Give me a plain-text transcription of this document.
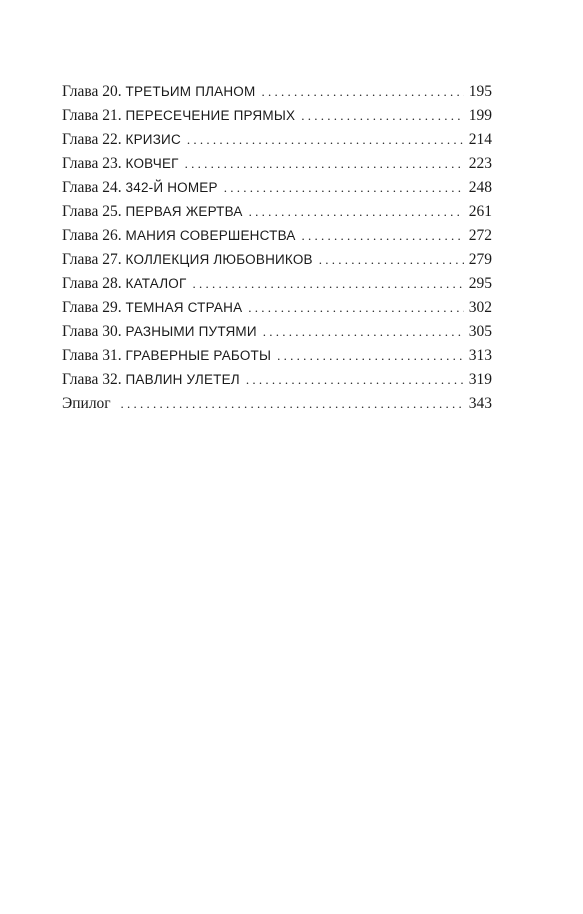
Глава 20. ТРЕТЬИМ ПЛАНОМ . . .	195
Глава 21. ПЕРЕСЕЧЕНИЕ ПРЯМЫХ . . .	199
Глава 22. КРИЗИС . . .	214
Глава 23. КОВЧЕГ . . .	223
Глава 24. 342-Й НОМЕР . . .	248
Глава 25. ПЕРВАЯ ЖЕРТВА . . .	261
Глава 26. МАНИЯ СОВЕРШЕНСТВА . . .	272
Глава 27. КОЛЛЕКЦИЯ ЛЮБОВНИКОВ . . .	279
Глава 28. КАТАЛОГ . . .	295
Глава 29. ТЕМНАЯ СТРАНА . . .	302
Глава 30. РАЗНЫМИ ПУТЯМИ . . .	305
Глава 31. ГРАВЕРНЫЕ РАБОТЫ . . .	313
Глава 32. ПАВЛИН УЛЕТЕЛ . . .	319
Эпилог . . .	343
